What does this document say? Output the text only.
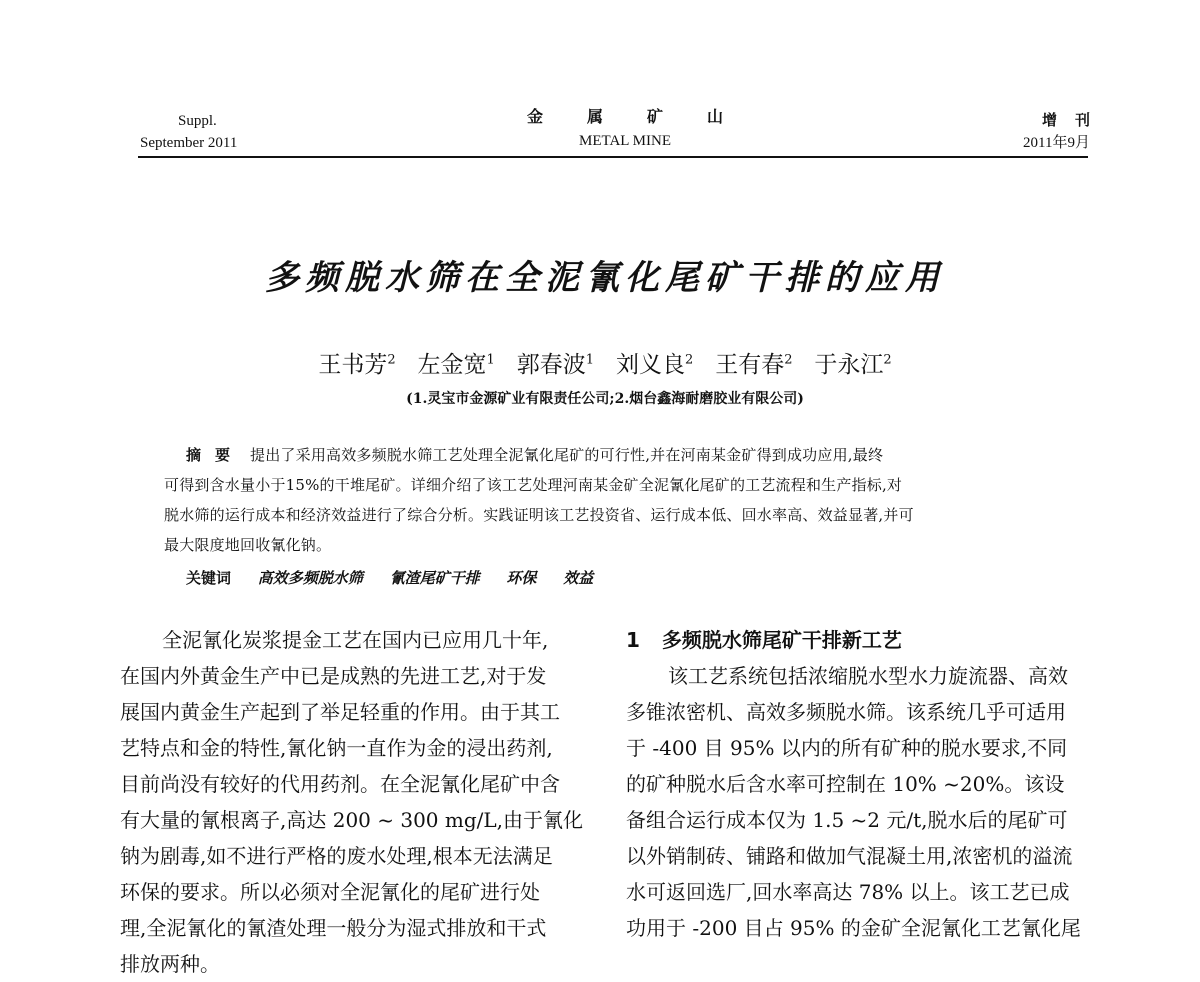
Suppl.
September 2011
金属矿山
METAL MINE
增刊
2011年9月
多频脱水筛在全泥氰化尾矿干排的应用
王书芳$^2$ 左金宽$^1$ 郭春波$^1$ 刘义良$^2$ 王有春$^2$ 于永江$^2$
(1.灵宝市金源矿业有限责任公司;2.烟台鑫海耐磨胶业有限公司)
摘要 提出了采用高效多频脱水筛工艺处理全泥氰化尾矿的可行性,并在河南某金矿得到成功应用,最终
可得到含水量小于15%的干堆尾矿。详细介绍了该工艺处理河南某金矿全泥氰化尾矿的工艺流程和生产指标,对
脱水筛的运行成本和经济效益进行了综合分析。实践证明该工艺投资省、运行成本低、回水率高、效益显著,并可
最大限度地回收氰化钠。
关键词 高效多频脱水筛 氰渣尾矿干排 环保 效益
全泥氰化炭浆提金工艺在国内已应用几十年,
在国内外黄金生产中已是成熟的先进工艺,对于发
展国内黄金生产起到了举足轻重的作用。由于其工
艺特点和金的特性,氰化钠一直作为金的浸出药剂,
目前尚没有较好的代用药剂。在全泥氰化尾矿中含
有大量的氰根离子,高达 200 ~ 300 mg/L,由于氰化
钠为剧毒,如不进行严格的废水处理,根本无法满足
环保的要求。所以必须对全泥氰化的尾矿进行处
理,全泥氰化的氰渣处理一般分为湿式排放和干式
排放两种。
1 多频脱水筛尾矿干排新工艺
该工艺系统包括浓缩脱水型水力旋流器、高效
多锥浓密机、高效多频脱水筛。该系统几乎可适用
于 -400 目 95% 以内的所有矿种的脱水要求,不同
的矿种脱水后含水率可控制在 10% ~20%。该设
备组合运行成本仅为 1.5 ~2 元/t,脱水后的尾矿可
以外销制砖、铺路和做加气混凝土用,浓密机的溢流
水可返回选厂,回水率高达 78% 以上。该工艺已成
功用于 -200 目占 95% 的金矿全泥氰化工艺氰化尾
